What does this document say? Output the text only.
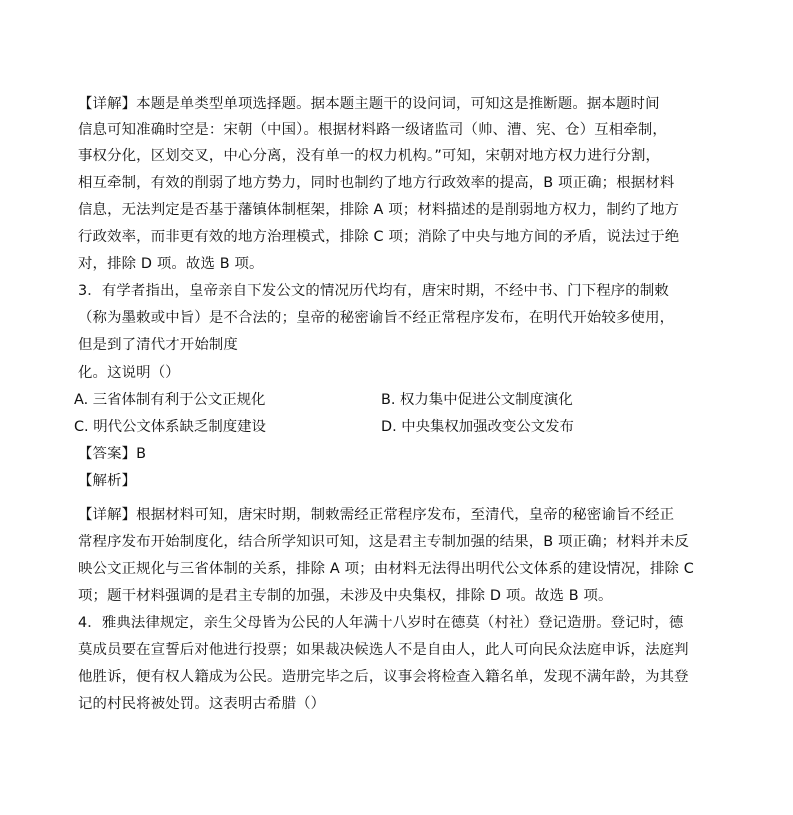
【详解】本题是单类型单项选择题。据本题主题干的设问词，可知这是推断题。据本题时间
信息可知准确时空是：宋朝（中国）。根据材料路一级诸监司（帅、漕、宪、仓）互相牵制，
事权分化，区划交叉，中心分离，没有单一的权力机构。”可知，宋朝对地方权力进行分割，
相互牵制，有效的削弱了地方势力，同时也制约了地方行政效率的提高，B 项正确；根据材料
信息，无法判定是否基于藩镇体制框架，排除 A 项；材料描述的是削弱地方权力，制约了地方
行政效率，而非更有效的地方治理模式，排除 C 项；消除了中央与地方间的矛盾，说法过于绝
对，排除 D 项。故选 B 项。
3．有学者指出，皇帝亲自下发公文的情况历代均有，唐宋时期，不经中书、门下程序的制敕
（称为墨敕或中旨）是不合法的；皇帝的秘密谕旨不经正常程序发布，在明代开始较多使用，
但是到了清代才开始制度
化。这说明（）
A. 三省体制有利于公文正规化	B. 权力集中促进公文制度演化
C. 明代公文体系缺乏制度建设	D. 中央集权加强改变公文发布
【答案】B
【解析】
【详解】根据材料可知，唐宋时期，制敕需经正常程序发布，至清代，皇帝的秘密谕旨不经正
常程序发布开始制度化，结合所学知识可知，这是君主专制加强的结果，B 项正确；材料并未反
映公文正规化与三省体制的关系，排除 A 项；由材料无法得出明代公文体系的建设情况，排除 C
项；题干材料强调的是君主专制的加强，未涉及中央集权，排除 D 项。故选 B 项。
4．雅典法律规定，亲生父母皆为公民的人年满十八岁时在德莫（村社）登记造册。登记时，德
莫成员要在宣誓后对他进行投票；如果裁决候选人不是自由人，此人可向民众法庭申诉，法庭判
他胜诉，便有权人籍成为公民。造册完毕之后，议事会将检查入籍名单，发现不满年龄，为其登
记的村民将被处罚。这表明古希腊（）
